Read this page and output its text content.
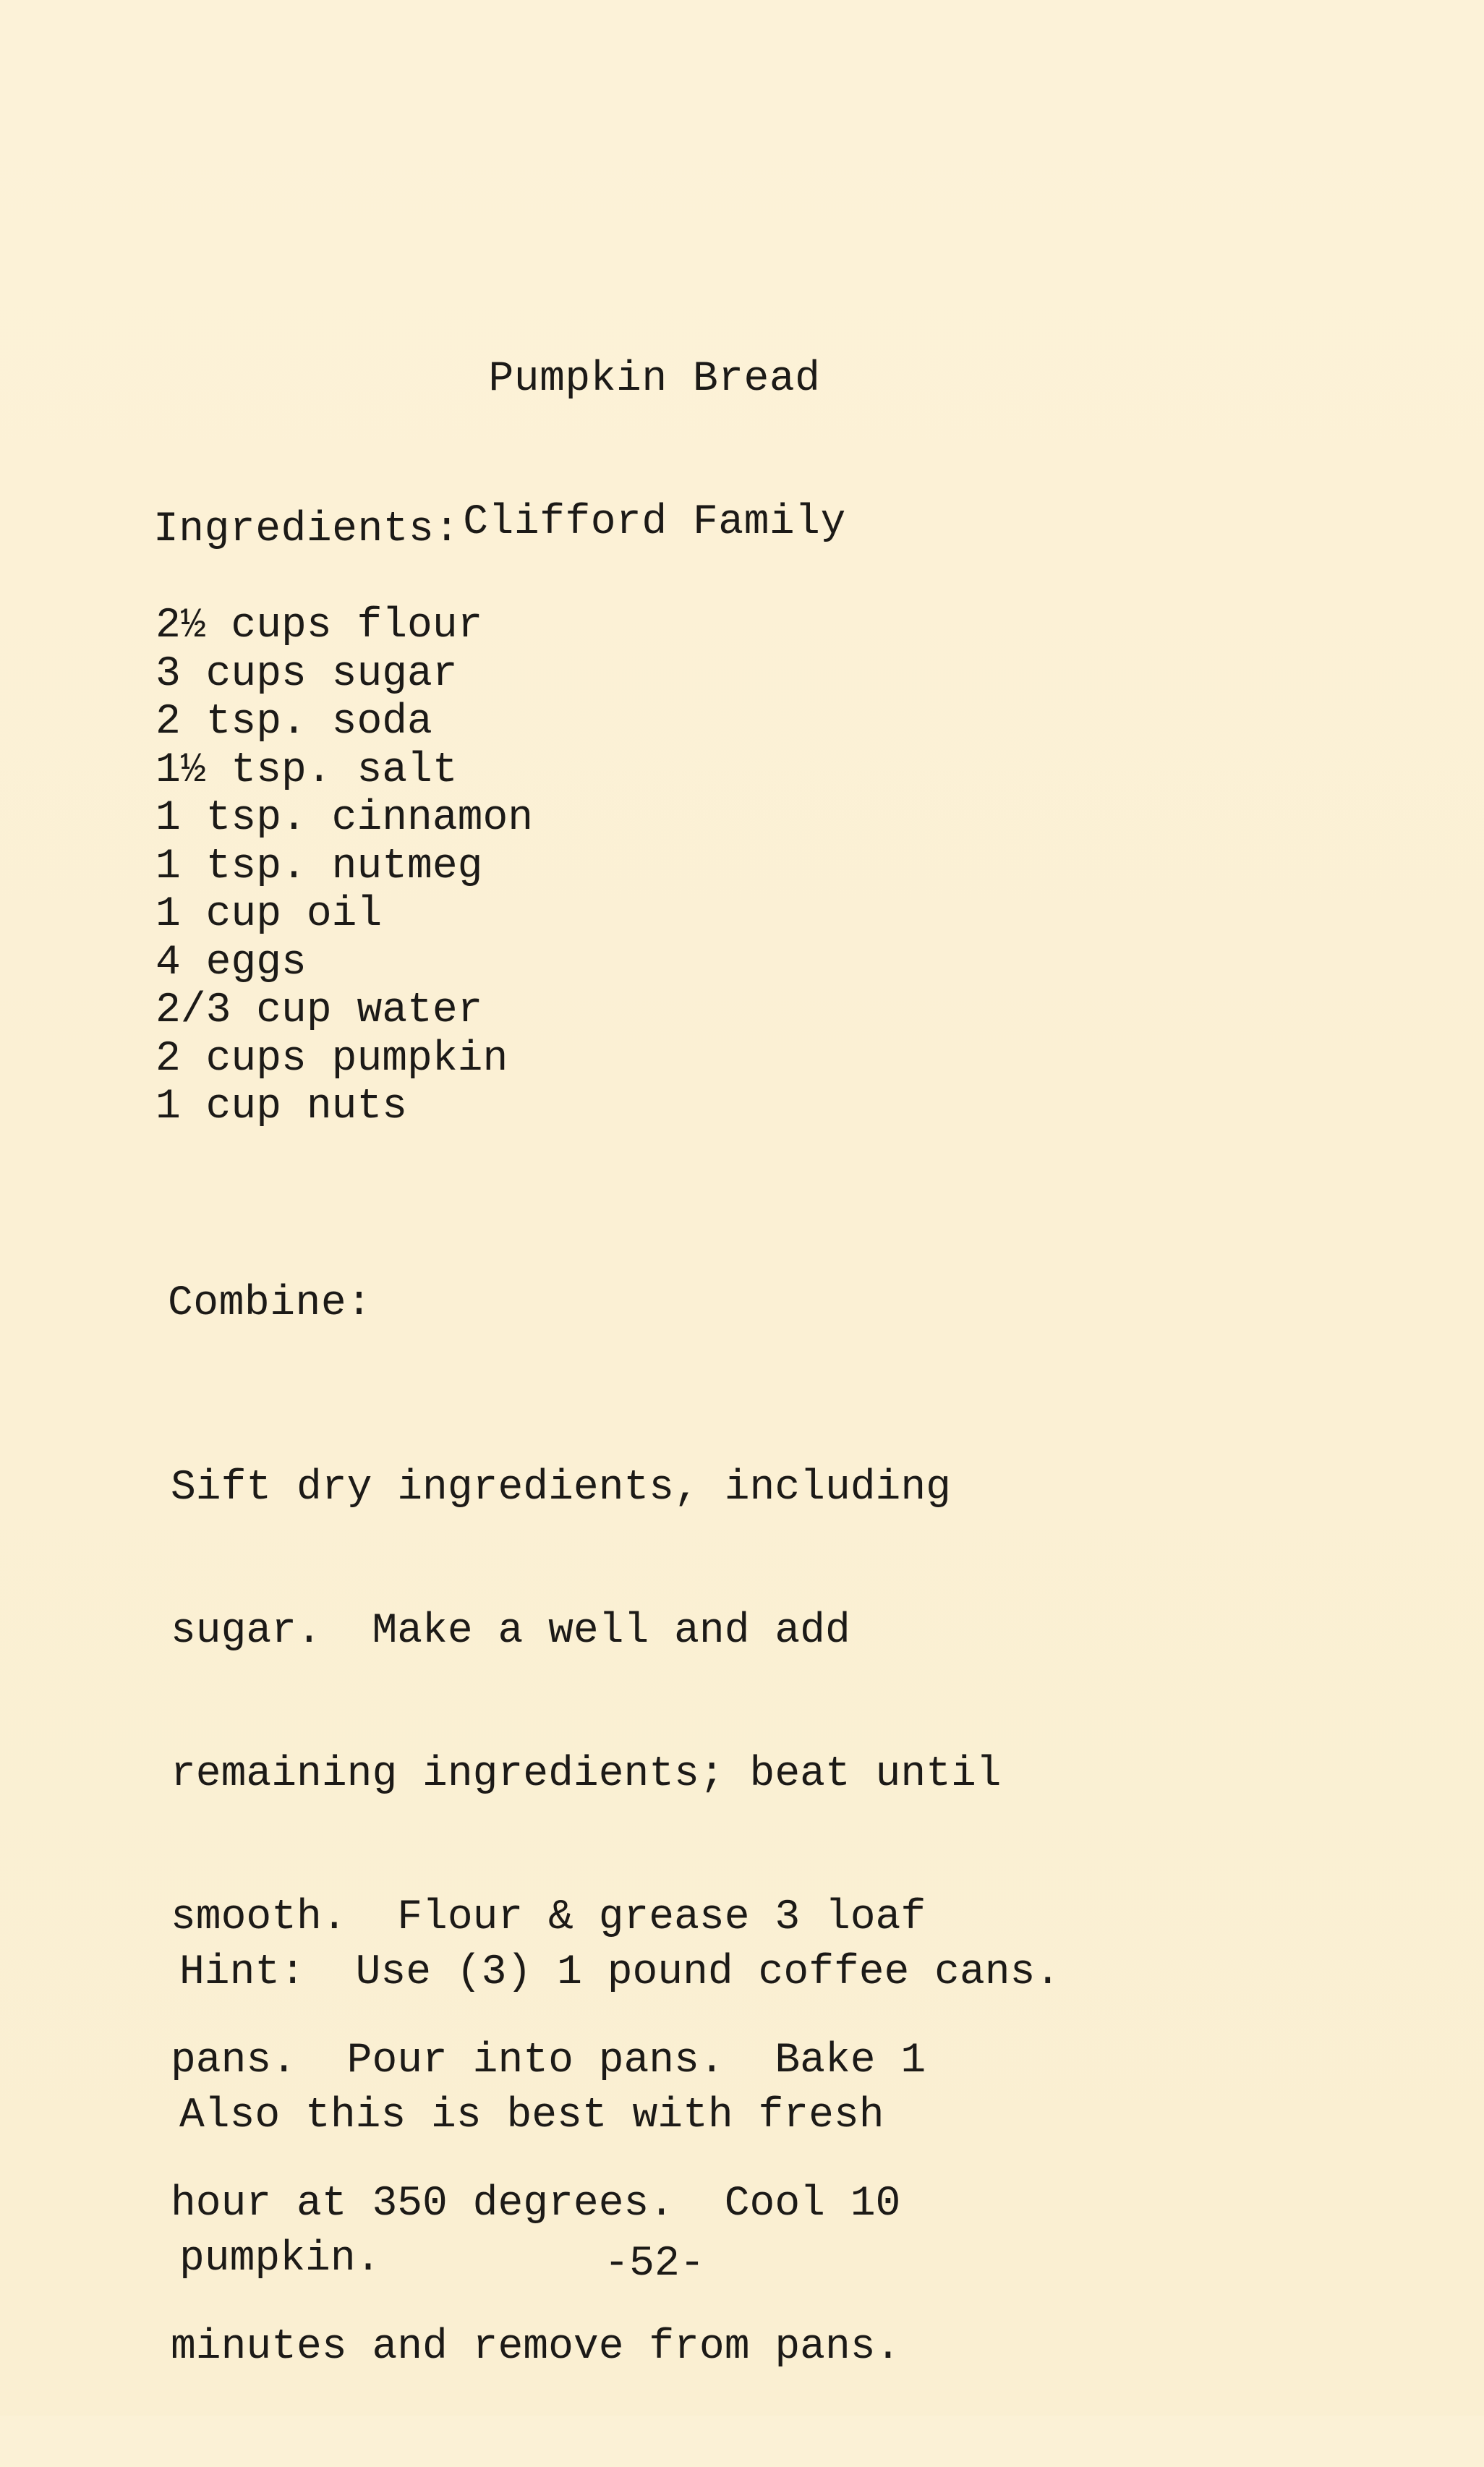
Pumpkin Bread

Clifford Family

Ingredients:
2½ cups flour
3 cups sugar
2 tsp. soda
1½ tsp. salt
1 tsp. cinnamon
1 tsp. nutmeg
1 cup oil
4 eggs
2/3 cup water
2 cups pumpkin
1 cup nuts
Combine:

Sift dry ingredients, including

sugar.  Make a well and add

remaining ingredients; beat until

smooth.  Flour & grease 3 loaf

pans.  Pour into pans.  Bake 1

hour at 350 degrees.  Cool 10

minutes and remove from pans.

Hint:  Use (3) 1 pound coffee cans.

Also this is best with fresh

pumpkin.

	-52-
